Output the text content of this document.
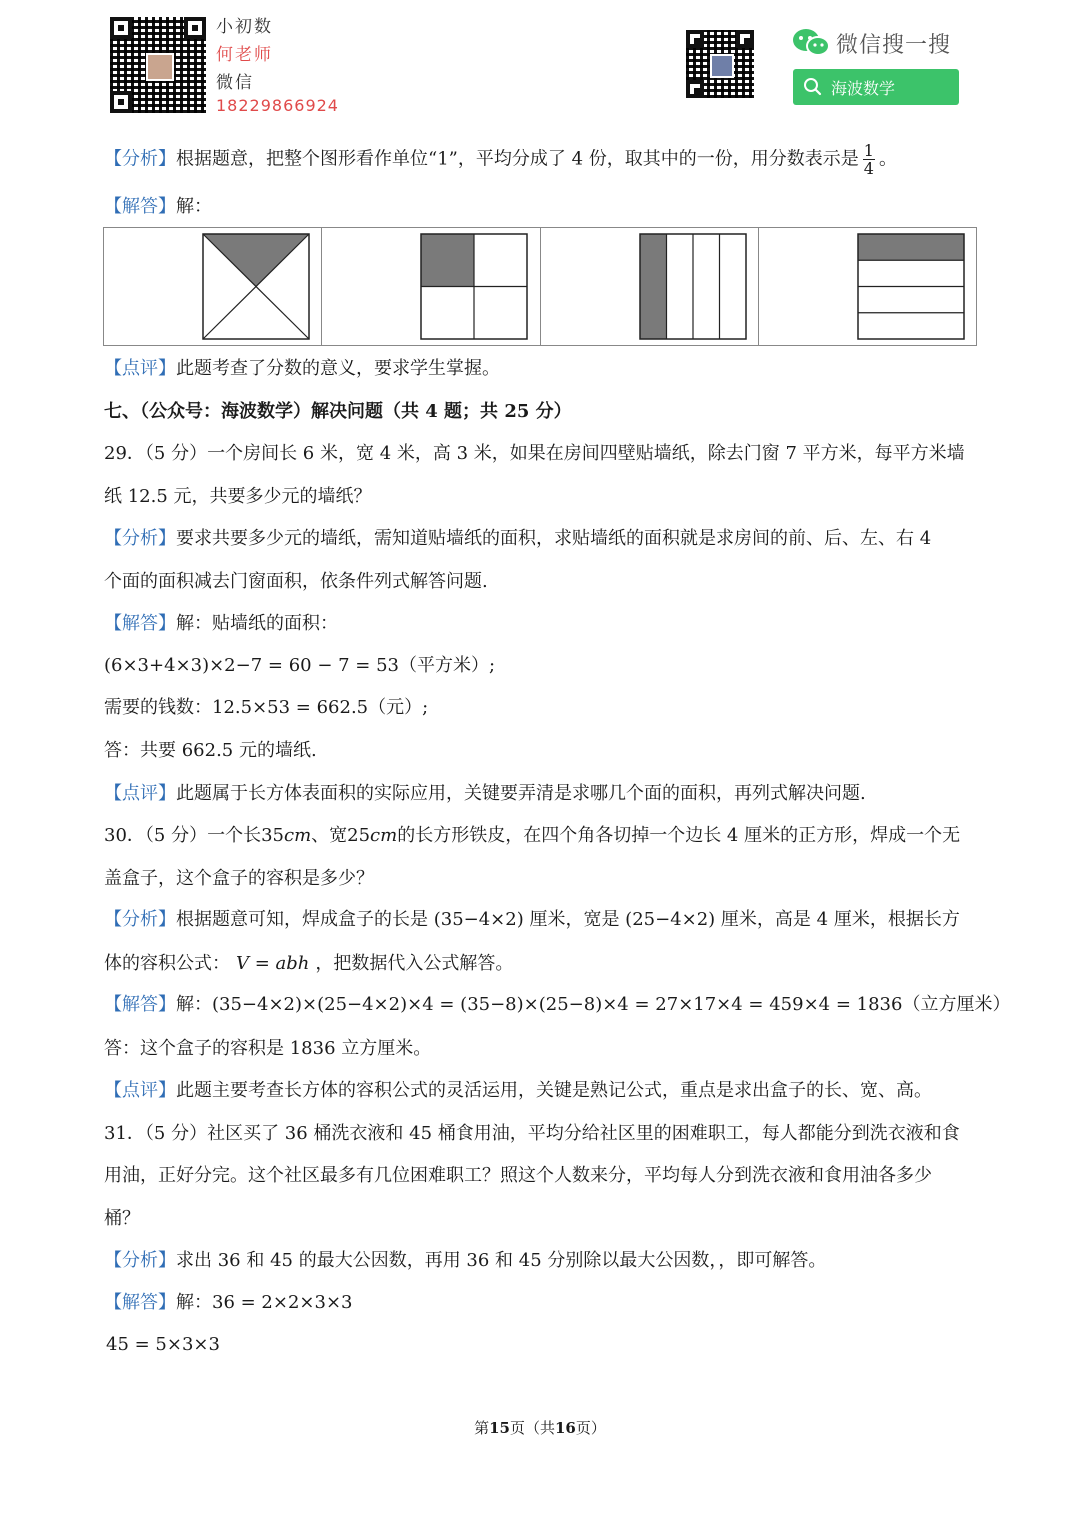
小初数
何老师
微信
18229866924
微信搜一搜
海波数学
【分析】根据题意，把整个图形看作单位“1”，平均分成了 4 份，取其中的一份，用分数表示是 $\frac{1}{4}$ 。
【解答】解：
【点评】此题考查了分数的意义，要求学生掌握。
七、（公众号：海波数学）解决问题（共 4 题；共 25 分）
29．（5 分）一个房间长 6 米，宽 4 米，高 3 米，如果在房间四壁贴墙纸，除去门窗 7 平方米，每平方米墙
纸 12.5 元，共要多少元的墙纸？
【分析】要求共要多少元的墙纸，需知道贴墙纸的面积，求贴墙纸的面积就是求房间的前、后、左、右 4
个面的面积减去门窗面积，依条件列式解答问题.
【解答】解：贴墙纸的面积：
(6×3+4×3)×2−7 = 60 − 7 = 53（平方米）;
需要的钱数：12.5×53 = 662.5（元）;
答：共要 662.5 元的墙纸.
【点评】此题属于长方体表面积的实际应用，关键要弄清是求哪几个面的面积，再列式解决问题.
30．（5 分）一个长35cm、宽25cm的长方形铁皮，在四个角各切掉一个边长 4 厘米的正方形，焊成一个无
盖盒子，这个盒子的容积是多少？
【分析】根据题意可知，焊成盒子的长是 (35−4×2) 厘米，宽是 (25−4×2) 厘米，高是 4 厘米，根据长方
体的容积公式： V = abh ，把数据代入公式解答。
【解答】解：(35−4×2)×(25−4×2)×4 = (35−8)×(25−8)×4 = 27×17×4 = 459×4 = 1836（立方厘米）
答：这个盒子的容积是 1836 立方厘米。
【点评】此题主要考查长方体的容积公式的灵活运用，关键是熟记公式，重点是求出盒子的长、宽、高。
31．（5 分）社区买了 36 桶洗衣液和 45 桶食用油，平均分给社区里的困难职工，每人都能分到洗衣液和食
用油，正好分完。这个社区最多有几位困难职工？照这个人数来分，平均每人分到洗衣液和食用油各多少
桶？
【分析】求出 36 和 45 的最大公因数，再用 36 和 45 分别除以最大公因数，，即可解答。
【解答】解：36 = 2×2×3×3
45 = 5×3×3
第15页（共16页）
